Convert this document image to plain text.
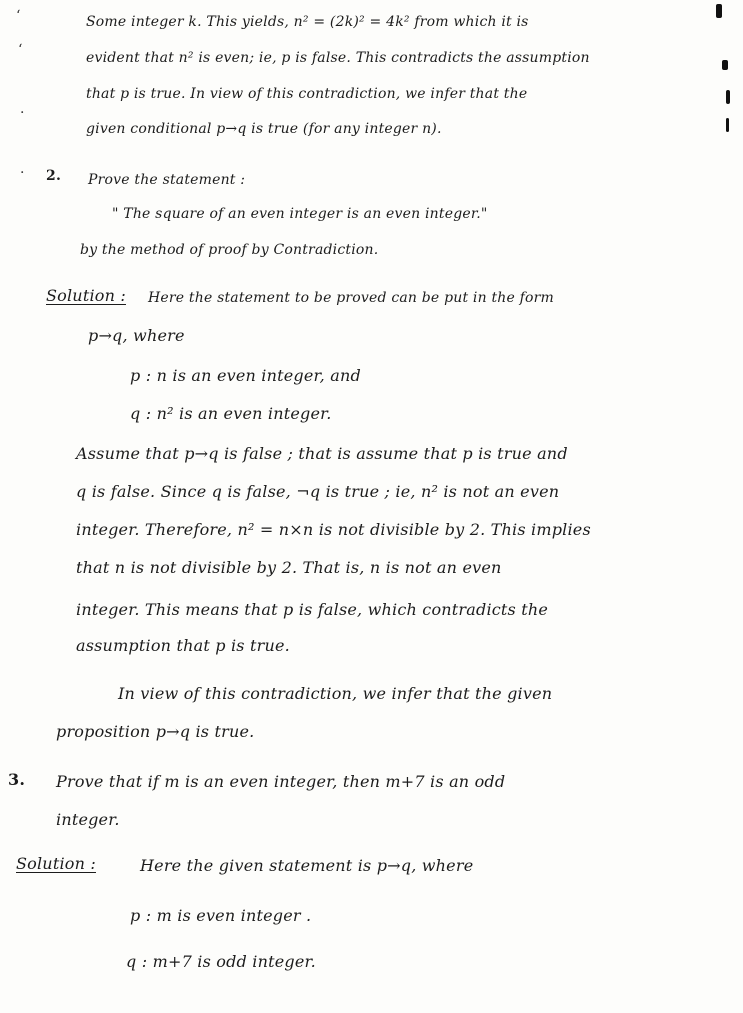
‘
‘
·
·
Some integer k. This yields, n² = (2k)² = 4k² from which it is
evident that n² is even; ie, p is false. This contradicts the assumption
that p is true. In view of this contradiction, we infer that the
given conditional p→q is true (for any integer n).
2. Prove the statement :
" The square of an even integer is an even integer."
by the method of proof by Contradiction.
Solution : Here the statement to be proved can be put in the form
p→q, where
p : n is an even integer, and
q : n² is an even integer.
Assume that p→q is false ; that is assume that p is true and
q is false. Since q is false, ¬q is true ; ie, n² is not an even
integer. Therefore, n² = n×n is not divisible by 2. This implies
that n is not divisible by 2. That is, n is not an even
integer. This means that p is false, which contradicts the
assumption that p is true.
In view of this contradiction, we infer that the given
proposition p→q is true.
3. Prove that if m is an even integer, then m+7 is an odd
integer.
Solution :	Here the given statement is p→q, where
p : m is even integer .
q : m+7 is odd integer.
